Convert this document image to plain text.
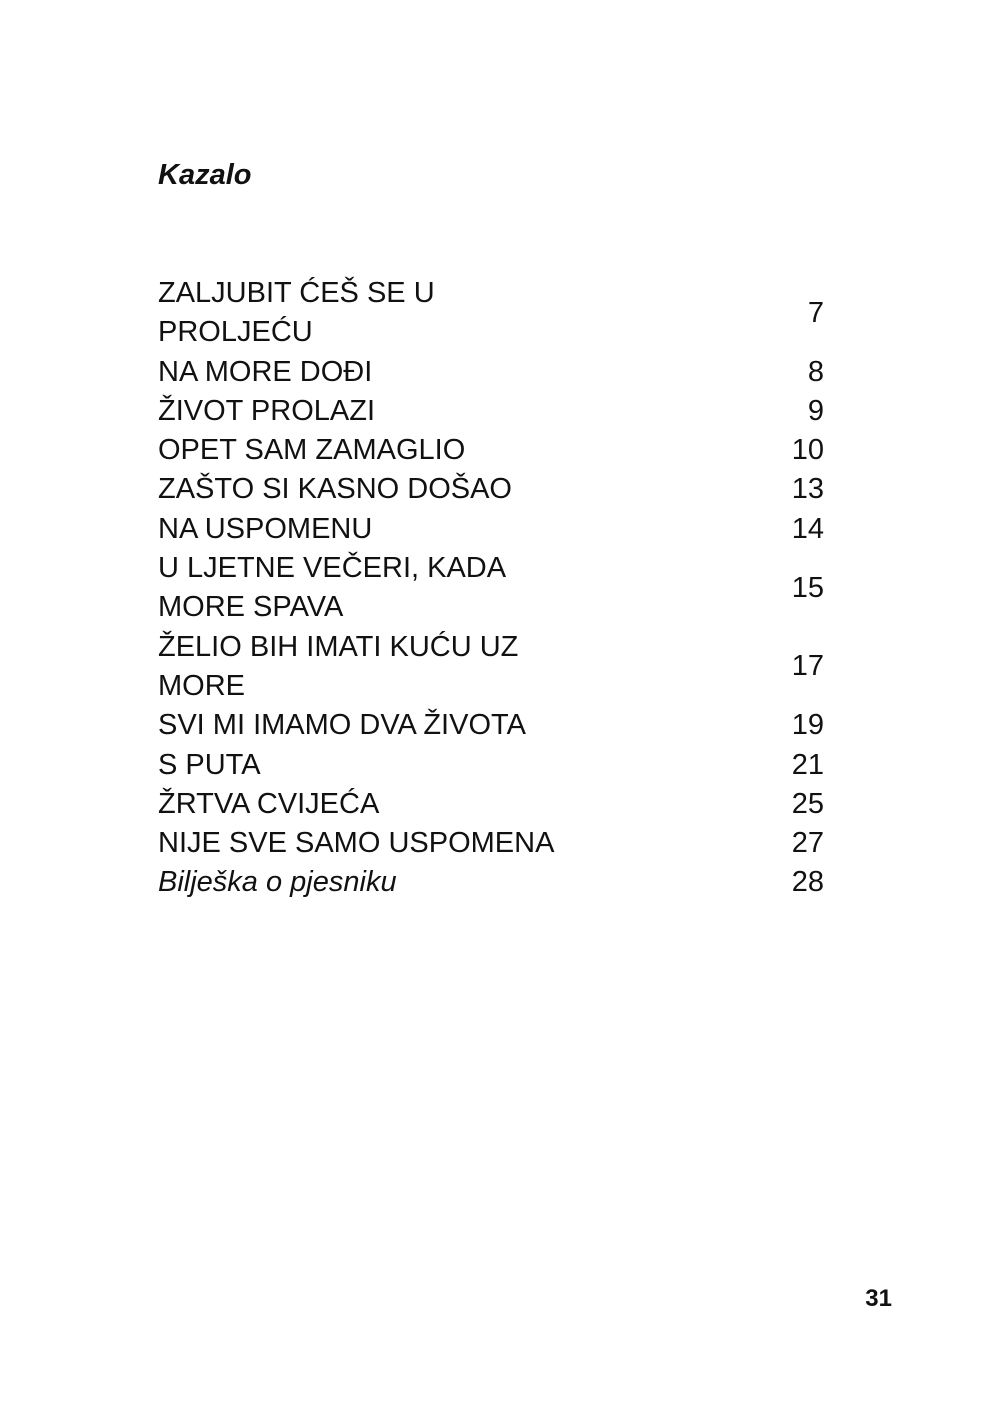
Kazalo
ZALJUBIT ĆEŠ SE U PROLJEĆU	7
NA MORE DOĐI	8
ŽIVOT PROLAZI	9
OPET SAM ZAMAGLIO	10
ZAŠTO SI KASNO DOŠAO	13
NA USPOMENU	14
U LJETNE VEČERI, KADA MORE SPAVA	15
ŽELIO BIH IMATI KUĆU UZ MORE	17
SVI MI IMAMO DVA ŽIVOTA	19
S PUTA	21
ŽRTVA CVIJEĆA	25
NIJE SVE SAMO USPOMENA	27
Bilješka o pjesniku	28
31
